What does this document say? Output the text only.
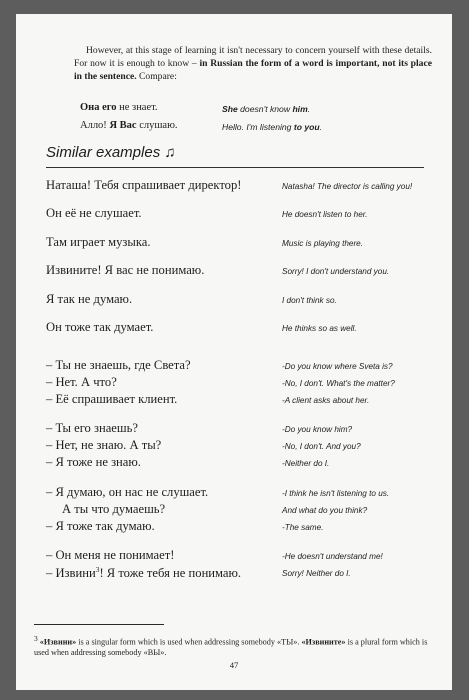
However, at this stage of learning it isn't necessary to concern yourself with these details. For now it is enough to know – in Russian the form of a word is important, not its place in the sentence. Compare:
Она его не знает.	She doesn't know him.
Алло! Я Вас слушаю.	Hello. I'm listening to you.
Similar examples ♫
Наташа! Тебя спрашивает директор!	Natasha! The director is calling you!
Он её не слушает.	He doesn't listen to her.
Там играет музыка.	Music is playing there.
Извините! Я вас не понимаю.	Sorry! I don't understand you.
Я так не думаю.	I don't think so.
Он тоже так думает.	He thinks so as well.
– Ты не знаешь, где Света?	-Do you know where Sveta is?
– Нет. А что?	-No, I don't. What's the matter?
– Её спрашивает клиент.	-A client asks about her.
– Ты его знаешь?	-Do you know him?
– Нет, не знаю. А ты?	-No, I don't. And you?
– Я тоже не знаю.	-Neither do I.
– Я думаю, он нас не слушает.	-I think he isn't listening to us.
А ты что думаешь?	And what do you think?
– Я тоже так думаю.	-The same.
– Он меня не понимает!	-He doesn't understand me!
– Извини$^3$! Я тоже тебя не понимаю.	Sorry! Neither do I.
$^3$ «Извини» is a singular form which is used when addressing somebody «ТЫ». «Извините» is a plural form which is used when addressing somebody «ВЫ».
47
